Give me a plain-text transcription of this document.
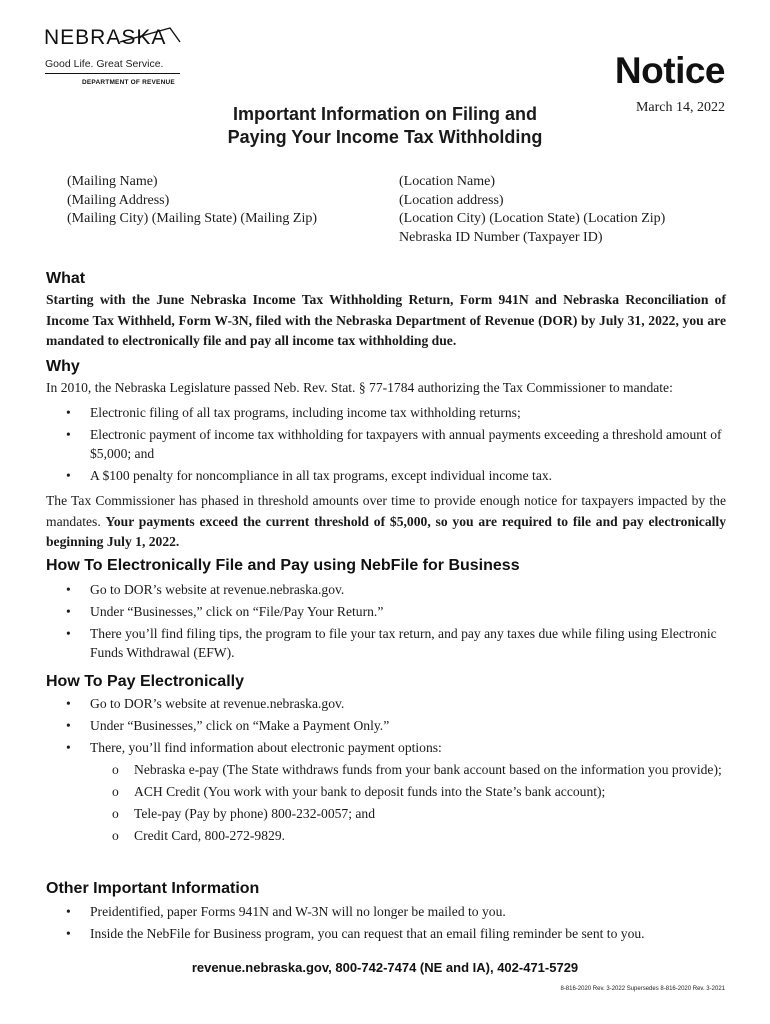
NEBRASKA
Good Life. Great Service.
DEPARTMENT OF REVENUE	Notice
March 14, 2022
Important Information on Filing and
Paying Your Income Tax Withholding
(Mailing Name)
(Mailing Address)
(Mailing City) (Mailing State) (Mailing Zip)
(Location Name)
(Location address)
(Location City) (Location State) (Location Zip)
Nebraska ID Number (Taxpayer ID)
What
Starting with the June Nebraska Income Tax Withholding Return, Form 941N and Nebraska Reconciliation of Income Tax Withheld, Form W-3N, filed with the Nebraska Department of Revenue (DOR) by July 31, 2022, you are mandated to electronically file and pay all income tax withholding due.
Why
In 2010, the Nebraska Legislature passed Neb. Rev. Stat. § 77-1784 authorizing the Tax Commissioner to mandate:
• Electronic filing of all tax programs, including income tax withholding returns;
• Electronic payment of income tax withholding for taxpayers with annual payments exceeding a threshold amount of $5,000; and
• A $100 penalty for noncompliance in all tax programs, except individual income tax.
The Tax Commissioner has phased in threshold amounts over time to provide enough notice for taxpayers impacted by the mandates. Your payments exceed the current threshold of $5,000, so you are required to file and pay electronically beginning July 1, 2022.
How To Electronically File and Pay using NebFile for Business
• Go to DOR’s website at revenue.nebraska.gov.
• Under “Businesses,” click on “File/Pay Your Return.”
• There you’ll find filing tips, the program to file your tax return, and pay any taxes due while filing using Electronic Funds Withdrawal (EFW).
How To Pay Electronically
• Go to DOR’s website at revenue.nebraska.gov.
• Under “Businesses,” click on “Make a Payment Only.”
• There, you’ll find information about electronic payment options:
o Nebraska e-pay (The State withdraws funds from your bank account based on the information you provide);
o ACH Credit (You work with your bank to deposit funds into the State’s bank account);
o Tele-pay (Pay by phone) 800-232-0057; and
o Credit Card, 800-272-9829.
Other Important Information
• Preidentified, paper Forms 941N and W-3N will no longer be mailed to you.
• Inside the NebFile for Business program, you can request that an email filing reminder be sent to you.
revenue.nebraska.gov, 800-742-7474 (NE and IA), 402-471-5729
8-816-2020 Rev. 3-2022 Supersedes 8-816-2020 Rev. 3-2021
